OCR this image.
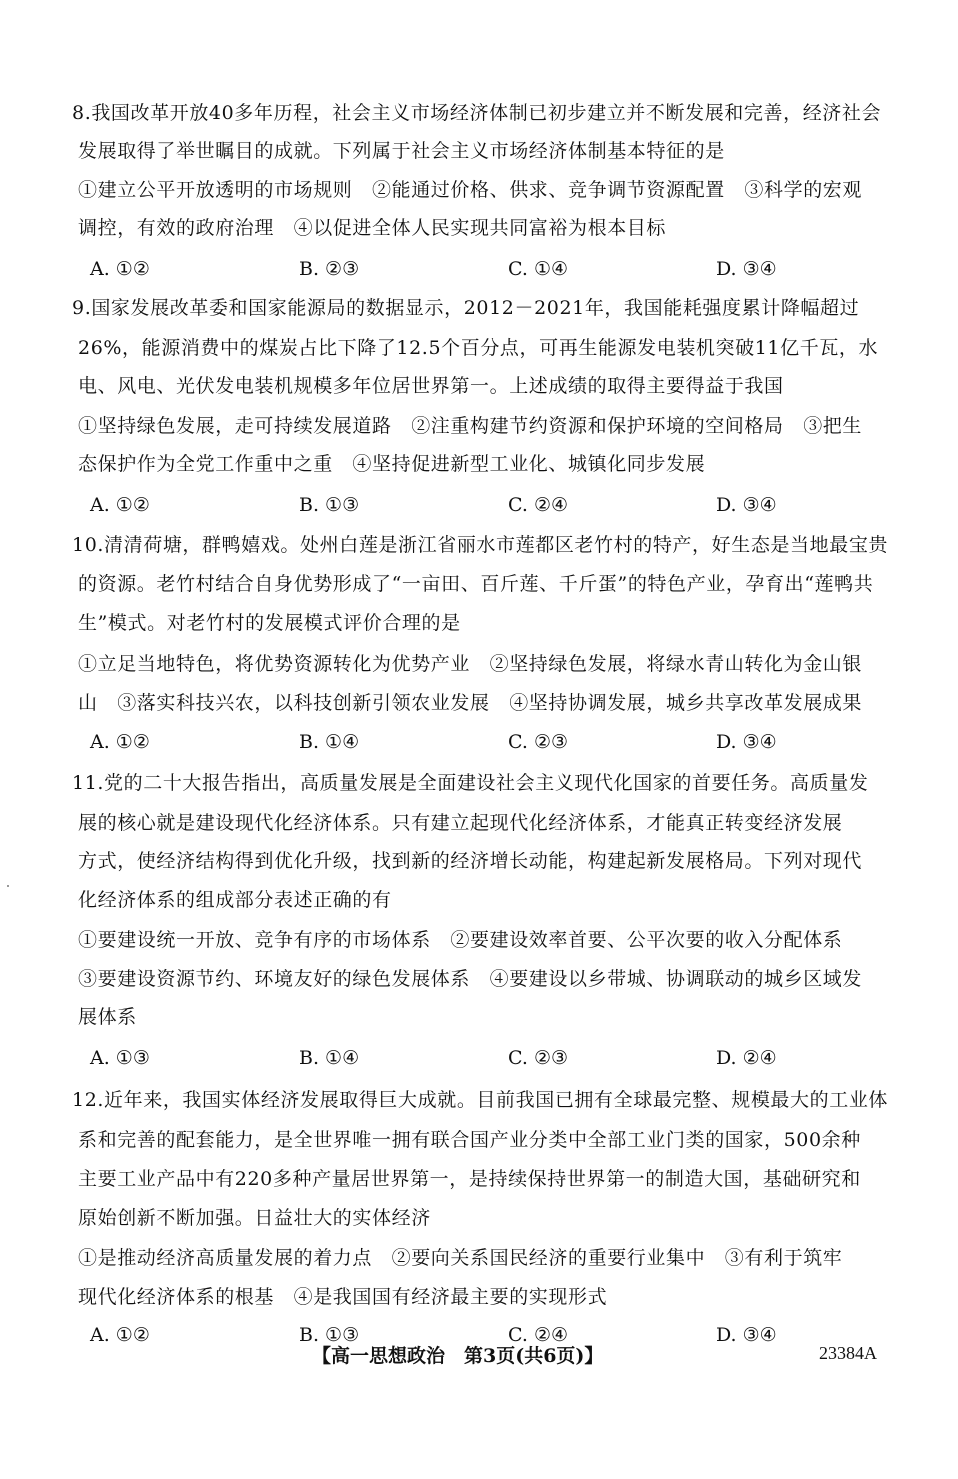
8.我国改革开放40多年历程，社会主义市场经济体制已初步建立并不断发展和完善，经济社会
发展取得了举世瞩目的成就。下列属于社会主义市场经济体制基本特征的是
①建立公平开放透明的市场规则　②能通过价格、供求、竞争调节资源配置　③科学的宏观
调控，有效的政府治理　④以促进全体人民实现共同富裕为根本目标
A. ①②	B. ②③	C. ①④	D. ③④
9.国家发展改革委和国家能源局的数据显示，2012－2021年，我国能耗强度累计降幅超过
26%，能源消费中的煤炭占比下降了12.5个百分点，可再生能源发电装机突破11亿千瓦，水
电、风电、光伏发电装机规模多年位居世界第一。上述成绩的取得主要得益于我国
①坚持绿色发展，走可持续发展道路　②注重构建节约资源和保护环境的空间格局　③把生
态保护作为全党工作重中之重　④坚持促进新型工业化、城镇化同步发展
A. ①②	B. ①③	C. ②④	D. ③④
10.清清荷塘，群鸭嬉戏。处州白莲是浙江省丽水市莲都区老竹村的特产，好生态是当地最宝贵
的资源。老竹村结合自身优势形成了“一亩田、百斤莲、千斤蛋”的特色产业，孕育出“莲鸭共
生”模式。对老竹村的发展模式评价合理的是
①立足当地特色，将优势资源转化为优势产业　②坚持绿色发展，将绿水青山转化为金山银
山　③落实科技兴农，以科技创新引领农业发展　④坚持协调发展，城乡共享改革发展成果
A. ①②	B. ①④	C. ②③	D. ③④
11.党的二十大报告指出，高质量发展是全面建设社会主义现代化国家的首要任务。高质量发
展的核心就是建设现代化经济体系。只有建立起现代化经济体系，才能真正转变经济发展
方式，使经济结构得到优化升级，找到新的经济增长动能，构建起新发展格局。下列对现代
化经济体系的组成部分表述正确的有
①要建设统一开放、竞争有序的市场体系　②要建设效率首要、公平次要的收入分配体系
③要建设资源节约、环境友好的绿色发展体系　④要建设以乡带城、协调联动的城乡区域发
展体系
A. ①③	B. ①④	C. ②③	D. ②④
12.近年来，我国实体经济发展取得巨大成就。目前我国已拥有全球最完整、规模最大的工业体
系和完善的配套能力，是全世界唯一拥有联合国产业分类中全部工业门类的国家，500余种
主要工业产品中有220多种产量居世界第一，是持续保持世界第一的制造大国，基础研究和
原始创新不断加强。日益壮大的实体经济
①是推动经济高质量发展的着力点　②要向关系国民经济的重要行业集中　③有利于筑牢
现代化经济体系的根基　④是我国国有经济最主要的实现形式
A. ①②	B. ①③	C. ②④	D. ③④
【高一思想政治　第3页(共6页)】	23384A
